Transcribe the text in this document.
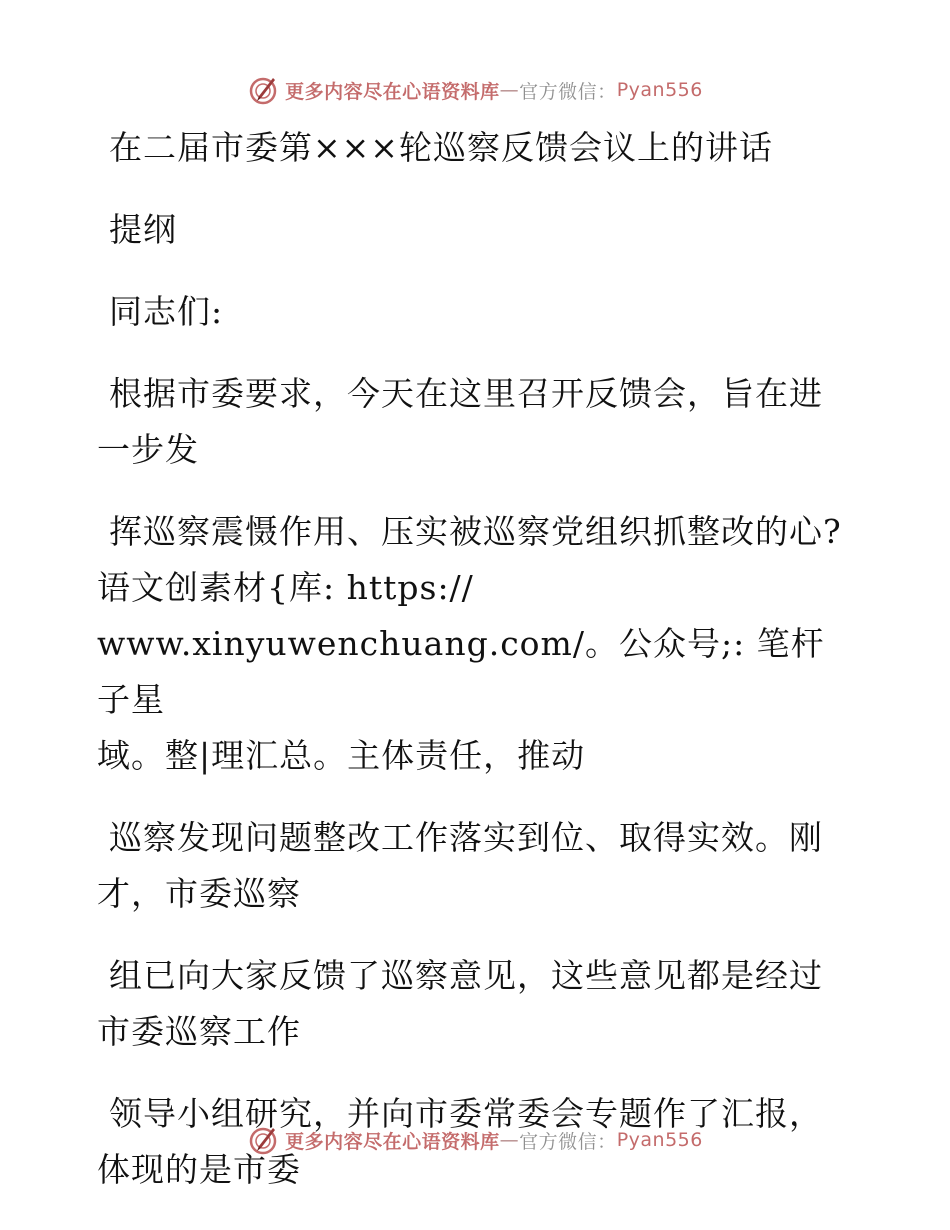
更多内容尽在心语资料库 — 官方微信： Pyan556

在二届市委第×××轮巡察反馈会议上的讲话

提纲

同志们:

根据市委要求，今天在这里召开反馈会，旨在进

一步发

挥巡察震慑作用、压实被巡察党组织抓整改的心?

语文创素材{库: https://

www.xinyuwenchuang.com/。公众号;: 笔杆子星

域。整|理汇总。主体责任，推动

巡察发现问题整改工作落实到位、取得实效。刚

才，市委巡察

组已向大家反馈了巡察意见，这些意见都是经过

市委巡察工作

领导小组研究，并向市委常委会专题作了汇报，

体现的是市委

更多内容尽在心语资料库 — 官方微信： Pyan556
